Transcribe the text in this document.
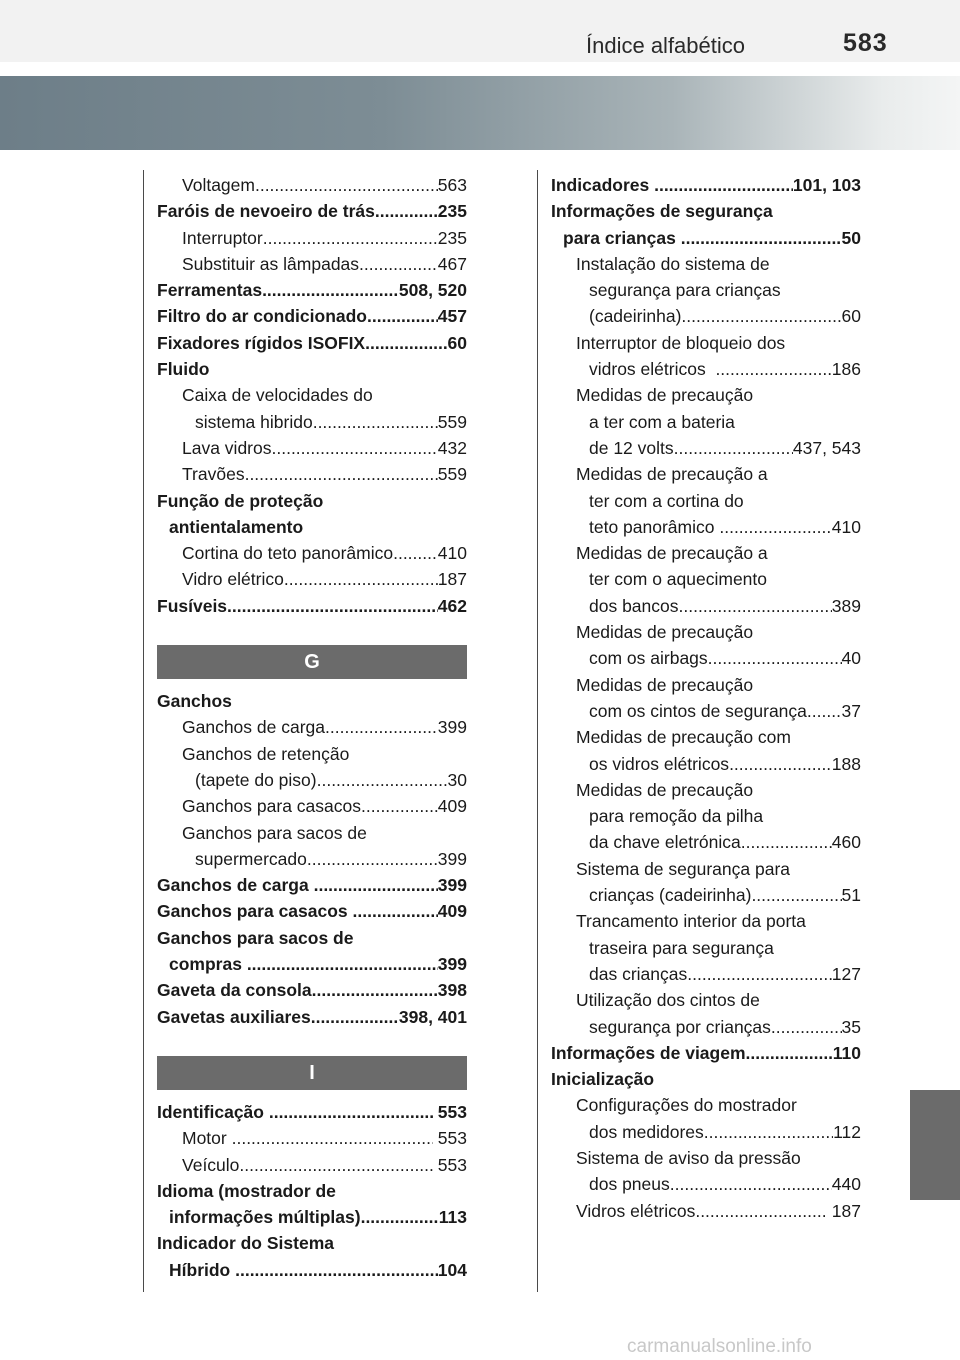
Índice alfabético	583
Voltagem .....	563
Faróis de nevoeiro de trás .....	235
Interruptor .....	235
Substituir as lâmpadas .....	467
Ferramentas .....	508, 520
Filtro do ar condicionado .....	457
Fixadores rígidos ISOFIX .....	60
Fluido
Caixa de velocidades do
sistema hibrido .....	559
Lava vidros .....	432
Travões .....	559
Função de proteção
antientalamento
Cortina do teto panorâmico .....	410
Vidro elétrico .....	187
Fusíveis .....	462
G
Ganchos
Ganchos de carga .....	399
Ganchos de retenção
(tapete do piso) .....	30
Ganchos para casacos .....	409
Ganchos para sacos de
supermercado .....	399
Ganchos de carga .....	399
Ganchos para casacos .....	409
Ganchos para sacos de
compras .....	399
Gaveta da consola .....	398
Gavetas auxiliares .....	398, 401
I
Identificação .....	553
Motor .....	553
Veículo .....	553
Idioma (mostrador de
informações múltiplas) .....	113
Indicador do Sistema
Híbrido .....	104
Indicadores .....	101, 103
Informações de segurança
para crianças .....	50
Instalação do sistema de
segurança para crianças
(cadeirinha) .....	60
Interruptor de bloqueio dos
vidros elétricos .....	186
Medidas de precaução
a ter com a bateria
de 12 volts .....	437, 543
Medidas de precaução a
ter com a cortina do
teto panorâmico .....	410
Medidas de precaução a
ter com o aquecimento
dos bancos .....	389
Medidas de precaução
com os airbags .....	40
Medidas de precaução
com os cintos de segurança ..... 37
Medidas de precaução com
os vidros elétricos .....	188
Medidas de precaução
para remoção da pilha
da chave eletrónica .....	460
Sistema de segurança para
crianças (cadeirinha) .....	51
Trancamento interior da porta
traseira para segurança
das crianças .....	127
Utilização dos cintos de
segurança por crianças .....	35
Informações de viagem .....	110
Inicialização
Configurações do mostrador
dos medidores .....	112
Sistema de aviso da pressão
dos pneus .....	440
Vidros elétricos .....	187
carmanualsonline.info
